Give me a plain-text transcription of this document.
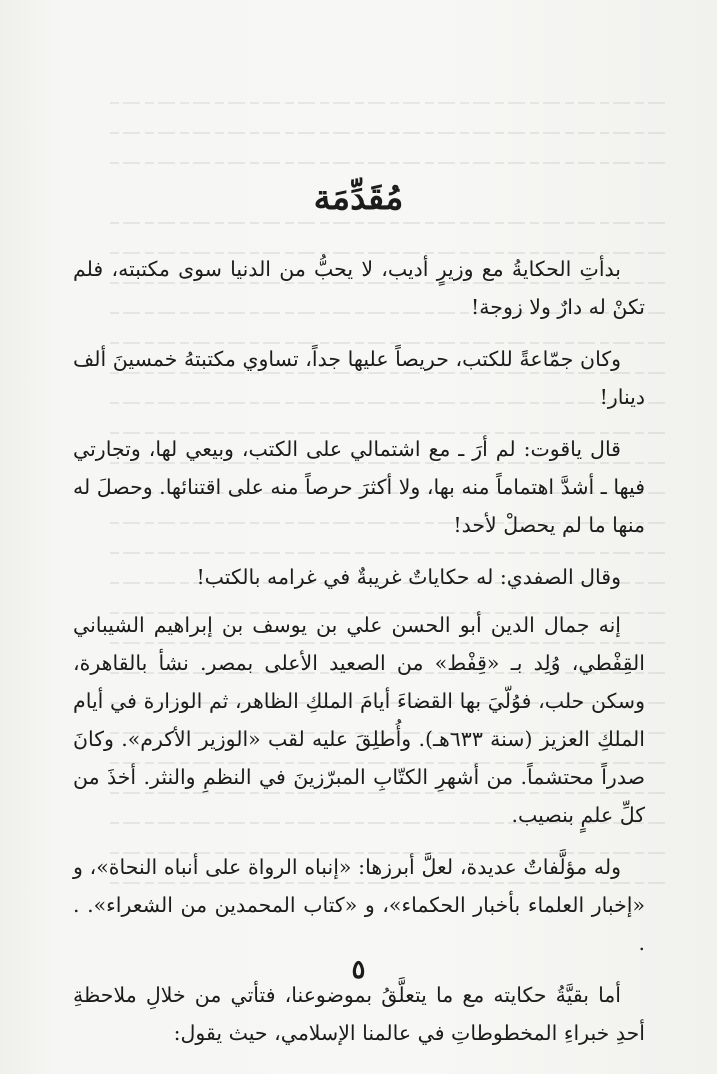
مُقَدِّمَة

بدأتِ الحكايةُ مع وزيرٍ أديب، لا يحبُّ من الدنيا سوى مكتبته، فلم تكنْ له دارٌ ولا زوجة!

وكان جمّاعةً للكتب، حريصاً عليها جداً، تساوي مكتبتهُ خمسينَ ألف دينار!

قال ياقوت: لم أرَ ـ مع اشتمالي على الكتب، وبيعي لها، وتجارتي فيها ـ أشدَّ اهتماماً منه بها، ولا أكثرَ حرصاً منه على اقتنائها. وحصلَ له منها ما لم يحصلْ لأحد!

وقال الصفدي: له حكاياتٌ غريبةٌ في غرامه بالكتب!

إنه جمال الدين أبو الحسن علي بن يوسف بن إبراهيم الشيباني القِفْطي، وُلِد بـ «قِفْط» من الصعيد الأعلى بمصر. نشأ بالقاهرة، وسكن حلب، فوُلّيَ بها القضاءَ أيامَ الملكِ الظاهر، ثم الوزارة في أيام الملكِ العزيز (سنة ٦٣٣هـ). وأُطلِقَ عليه لقب «الوزير الأكرم». وكانَ صدراً محتشماً. من أشهرِ الكتّابِ المبرّزينَ في النظمِ والنثر. أخذَ من كلِّ علمٍ بنصيب.

وله مؤلَّفاتٌ عديدة، لعلَّ أبرزها: «إنباه الرواة على أنباه النحاة»، و «إخبار العلماء بأخبار الحكماء»، و «كتاب المحمدين من الشعراء». . .

أما بقيَّةُ حكايته مع ما يتعلَّقُ بموضوعنا، فتأتي من خلالِ ملاحظةِ أحدِ خبراءِ المخطوطاتِ في عالمنا الإسلامي، حيث يقول:

٥
